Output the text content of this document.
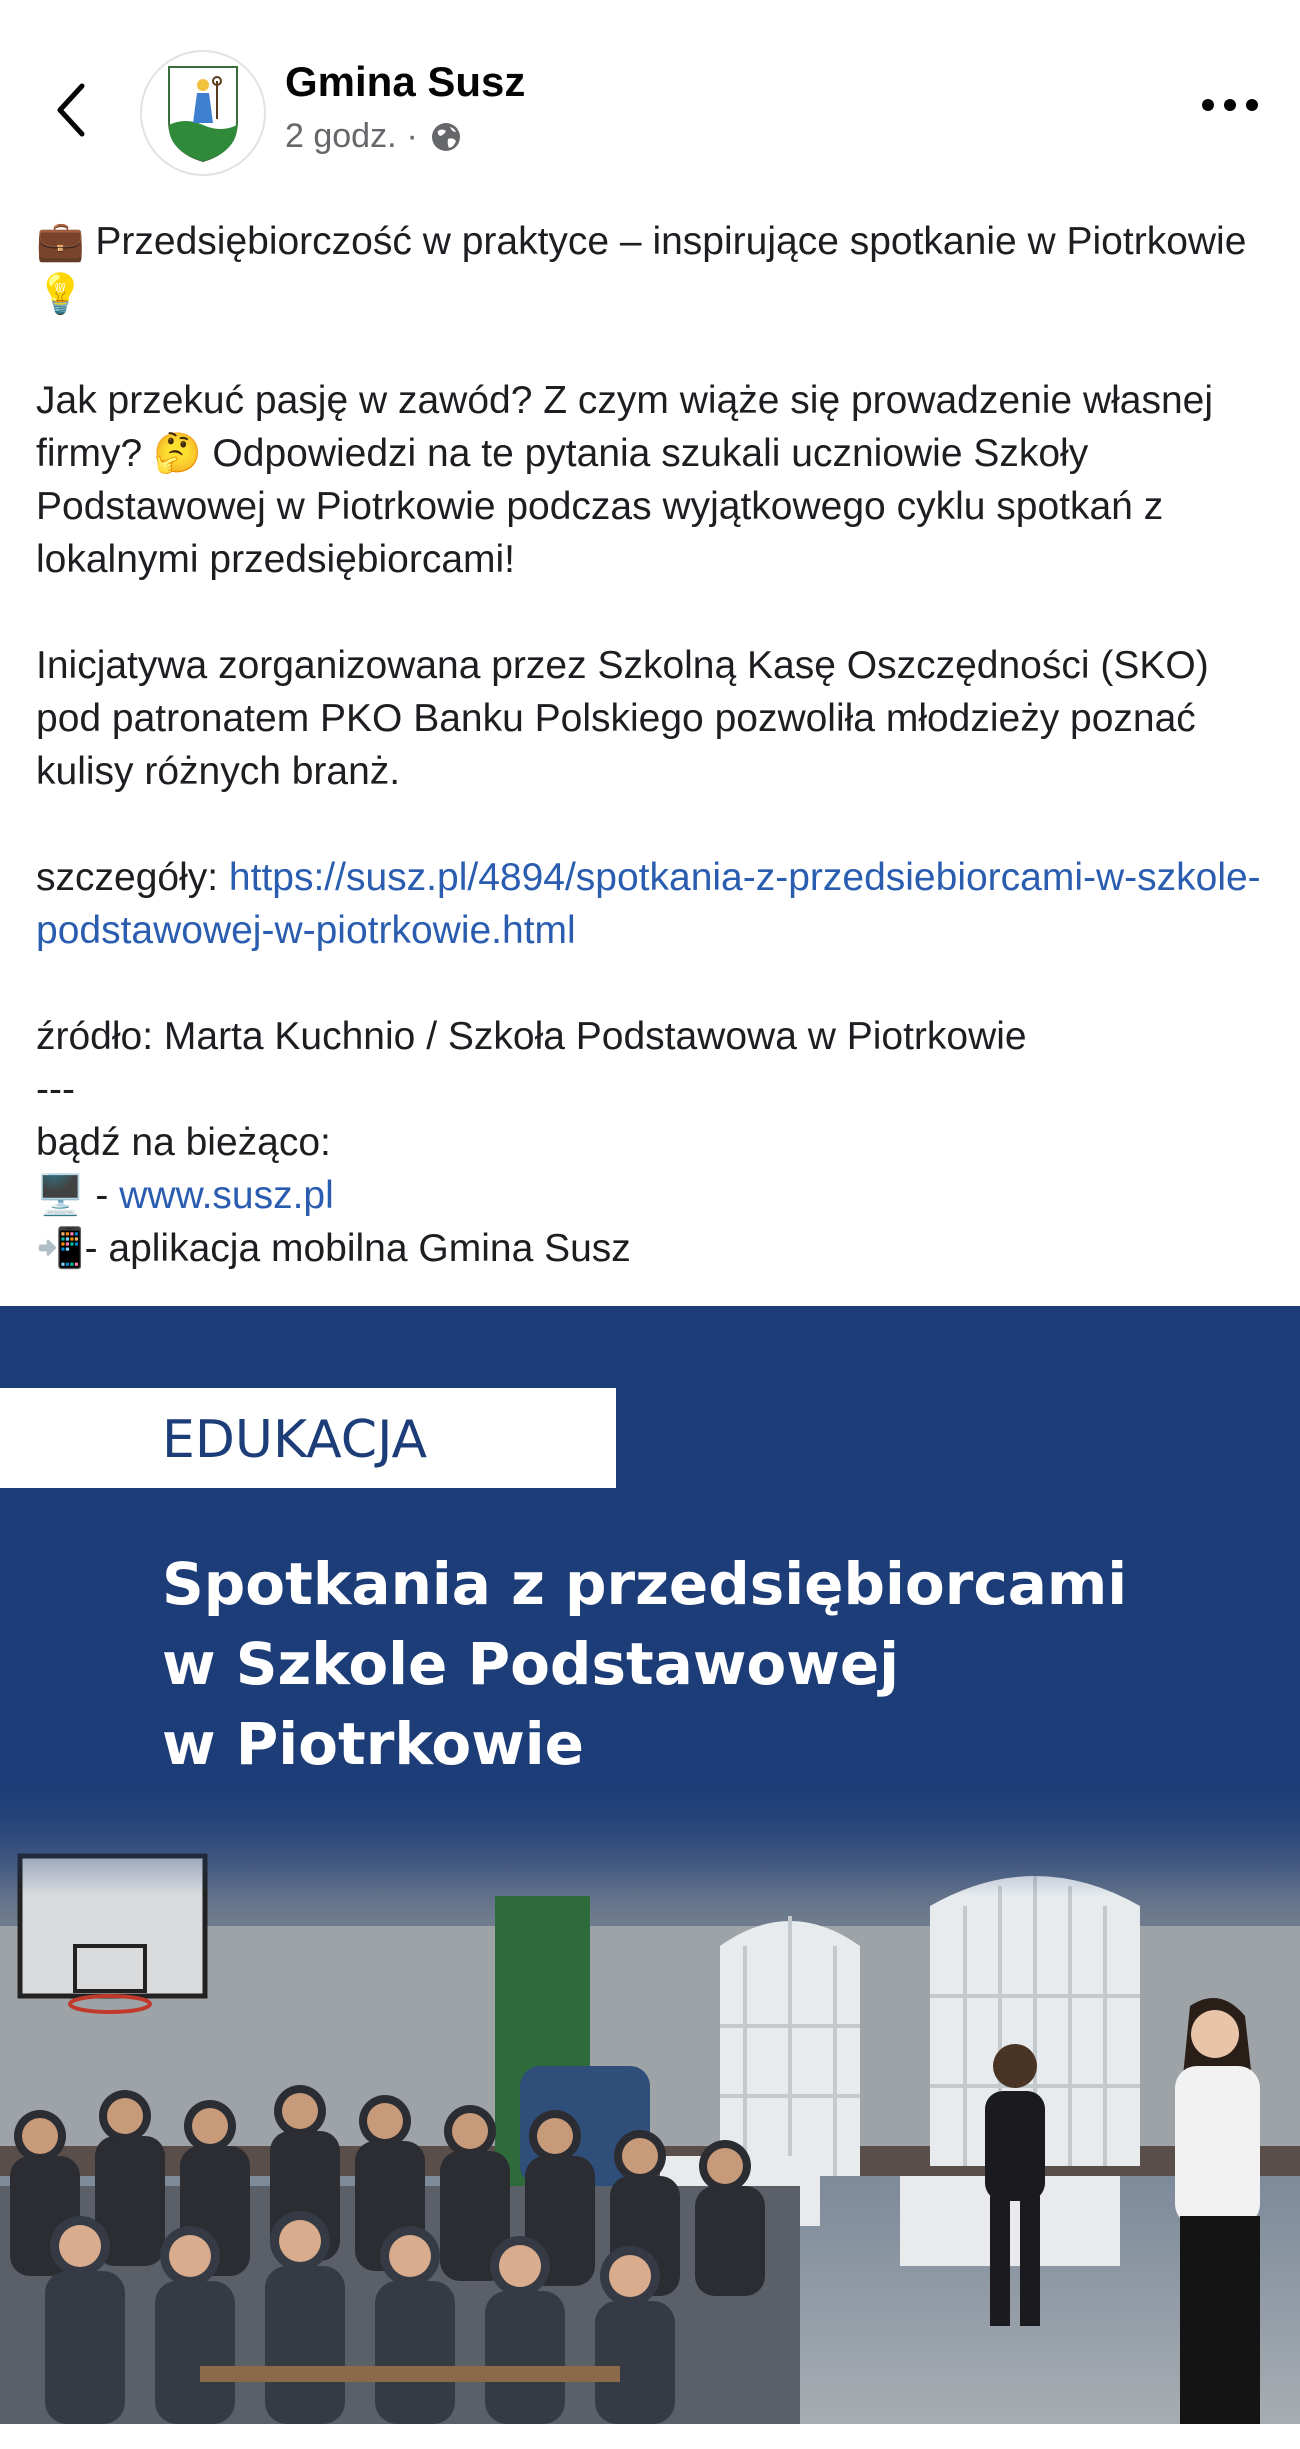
Gmina Susz
2 godz. ·

💼 Przedsiębiorczość w praktyce – inspirujące spotkanie w Piotrkowie 💡

Jak przekuć pasję w zawód? Z czym wiąże się prowadzenie własnej firmy? 🤔 Odpowiedzi na te pytania szukali uczniowie Szkoły Podstawowej w Piotrkowie podczas wyjątkowego cyklu spotkań z lokalnymi przedsiębiorcami!

Inicjatywa zorganizowana przez Szkolną Kasę Oszczędności (SKO) pod patronatem PKO Banku Polskiego pozwoliła młodzieży poznać kulisy różnych branż.

szczegóły: https://susz.pl/4894/spotkania-z-przedsiebiorcami-w-szkole-podstawowej-w-piotrkowie.html

źródło: Marta Kuchnio / Szkoła Podstawowa w Piotrkowie

---

bądź na bieżąco:

🖥️ - www.susz.pl

📲- aplikacja mobilna Gmina Susz

EDUKACJA
Spotkania z przedsiębiorcami
w Szkole Podstawowej
w Piotrkowie
